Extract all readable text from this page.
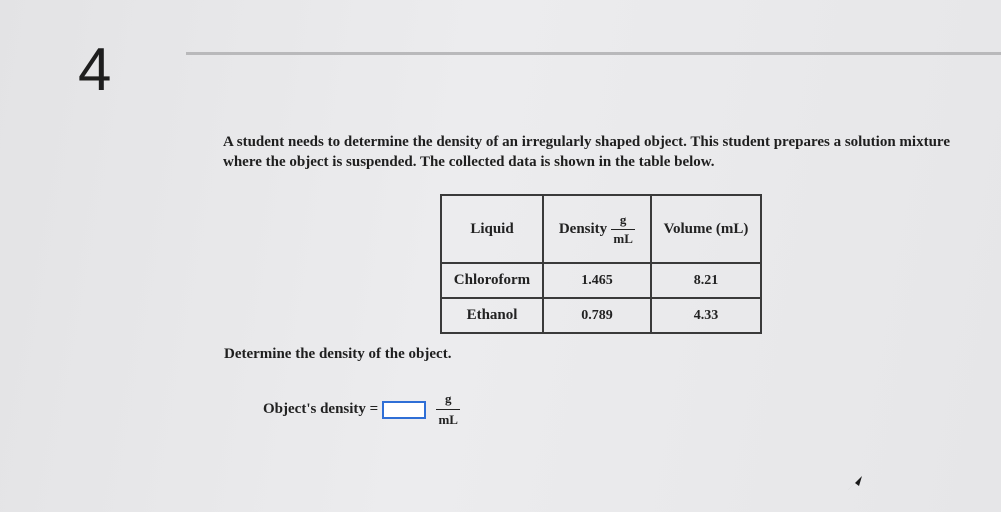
4
A student needs to determine the density of an irregularly shaped object. This student prepares a solution mixture where the object is suspended. The collected data is shown in the table below.
Liquid	Density $\frac{g}{mL}$	Volume (mL)
Chloroform	1.465	8.21
Ethanol	0.789	4.33
Determine the density of the object.
Object's density =	$\frac{g}{mL}$
